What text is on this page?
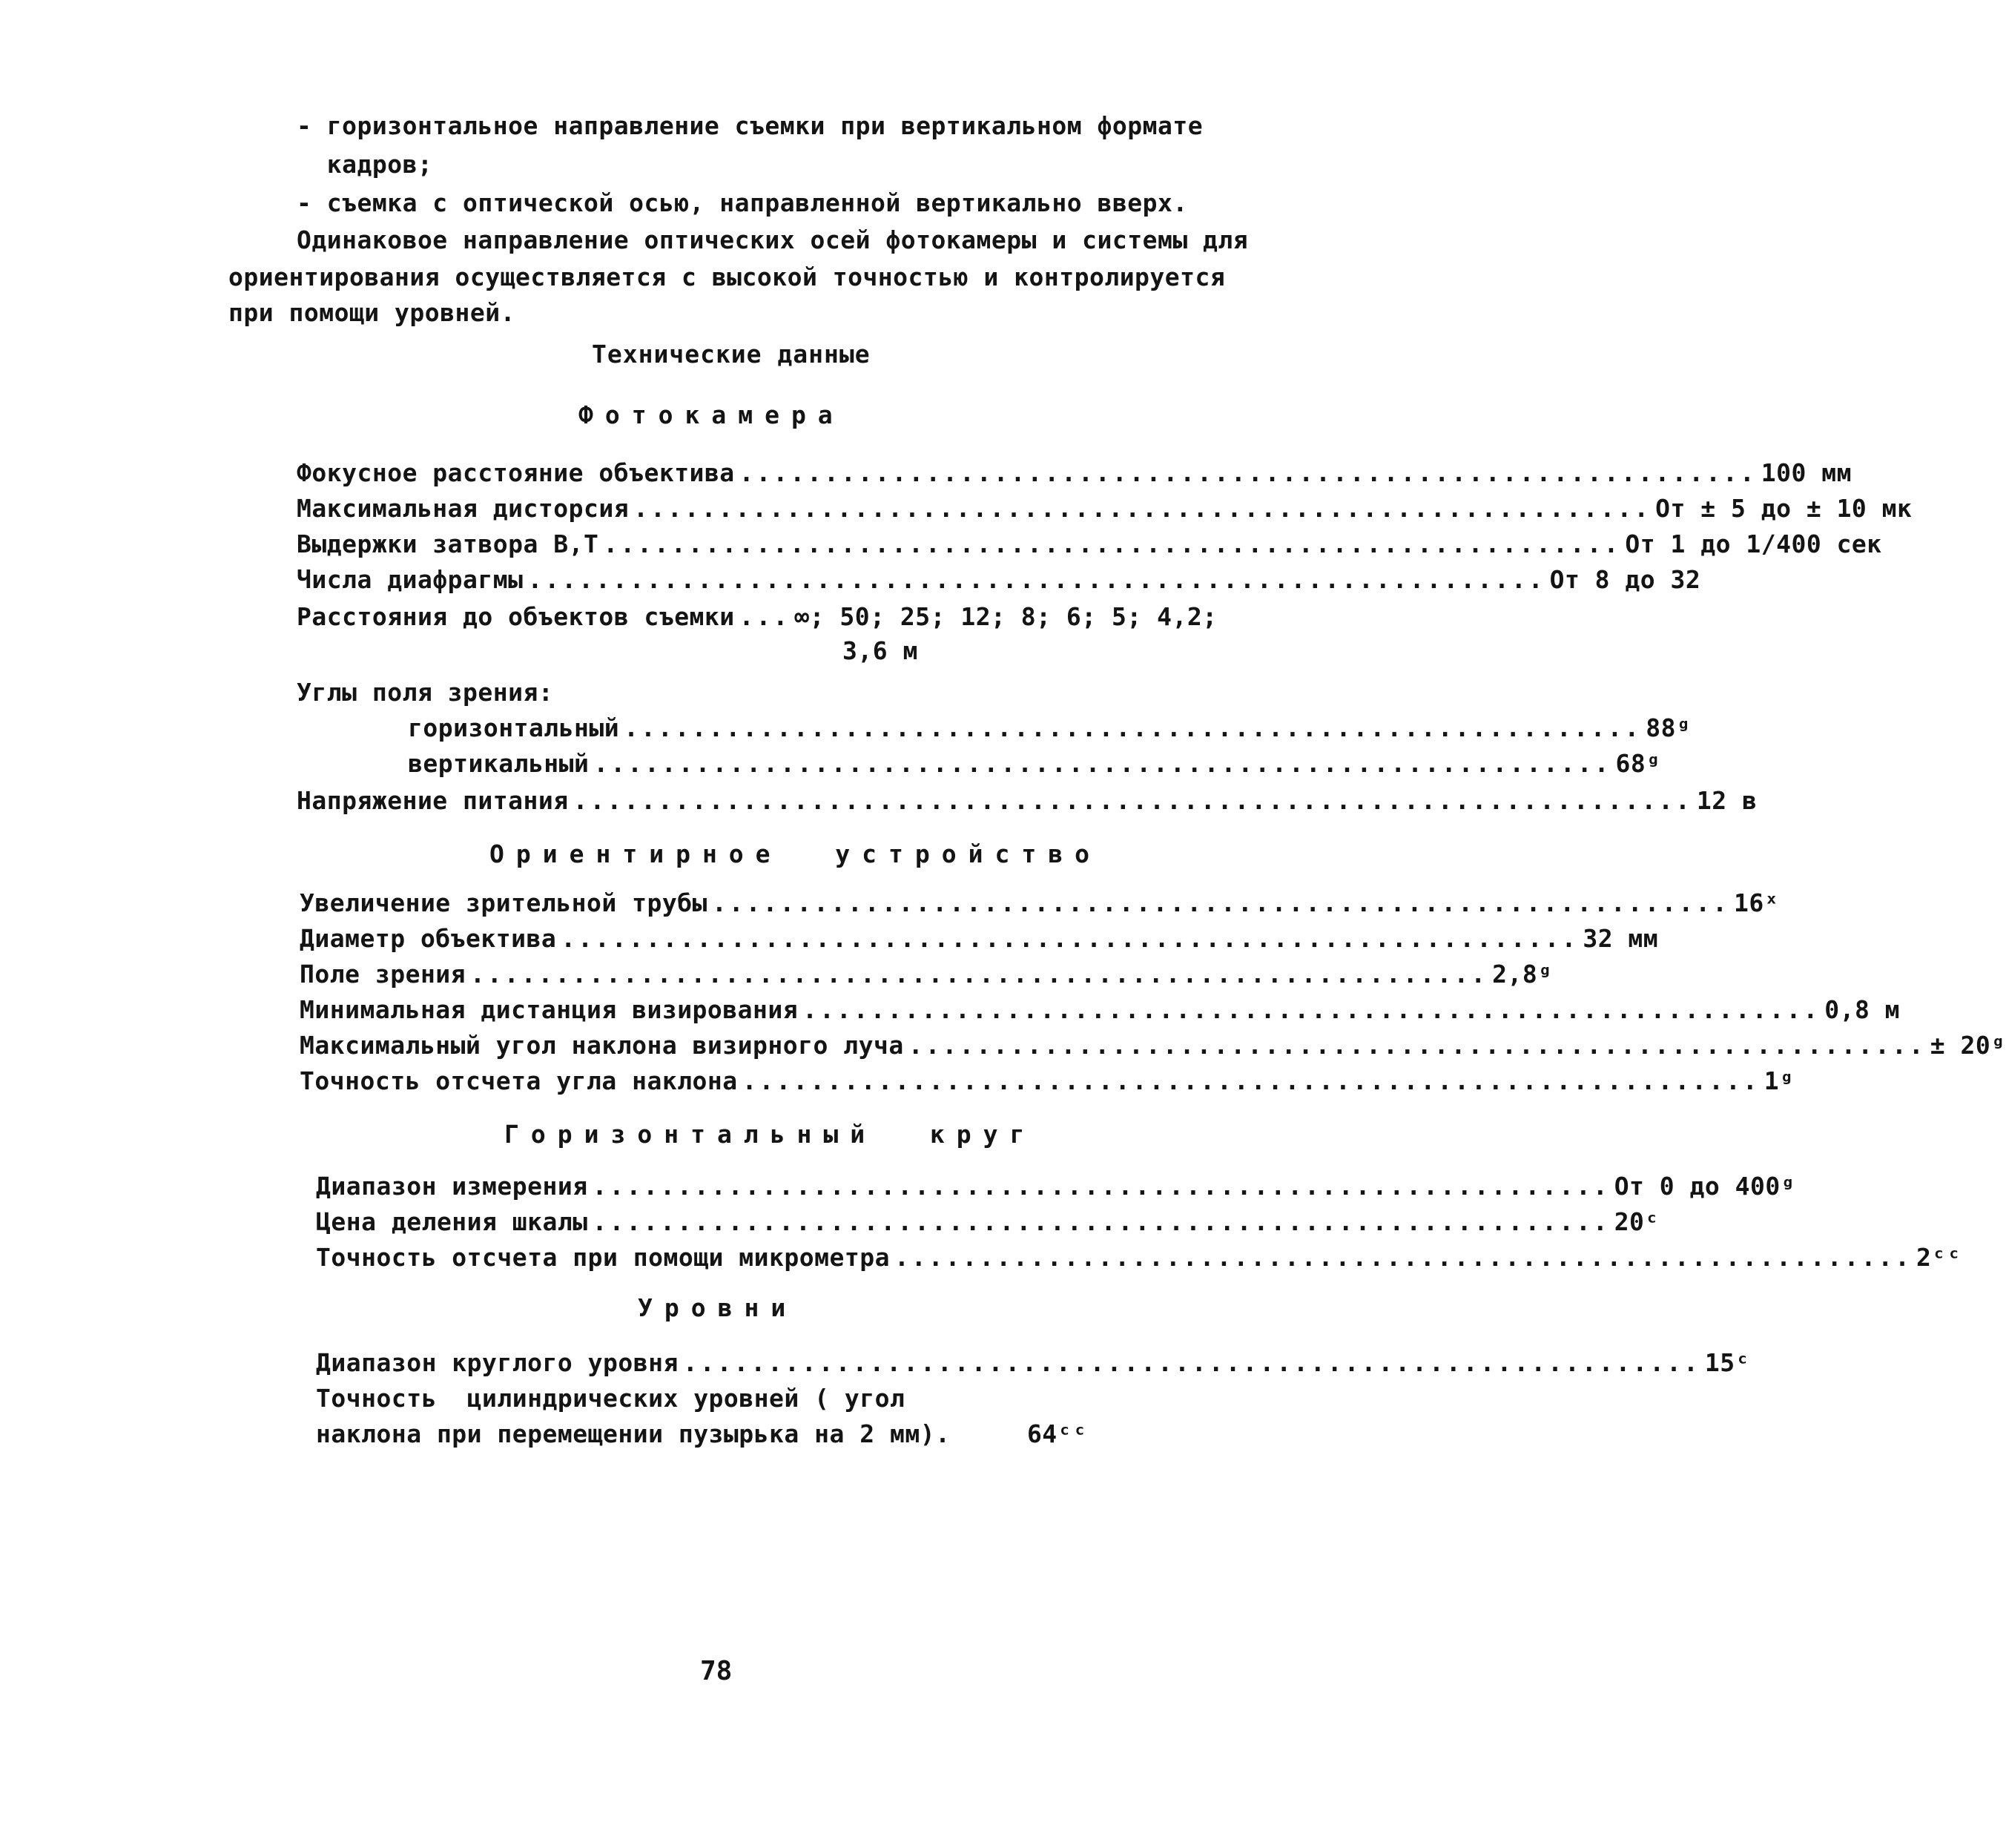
- горизонтальное направление съемки при вертикальном формате
кадров;
- съемка с оптической осью, направленной вертикально вверх.
Одинаковое направление оптических осей фотокамеры и системы для
ориентирования осуществляется с высокой точностью и контролируется
при помощи уровней.
Технические данные
Фотокамера
Фокусное расстояние объектива ............................................................ 100 мм
Максимальная дисторсия ............................................................ От ± 5 до ± 10 мк
Выдержки затвора В,Т ............................................................ От 1 до 1/400 сек
Числа диафрагмы ............................................................ От 8 до 32
Расстояния до объектов съемки ... ∞; 50; 25; 12; 8; 6; 5; 4,2;
3,6 м
Углы поля зрения:
горизонтальный ............................................................ 88ᵍ
вертикальный ............................................................ 68ᵍ
Напряжение питания .................................................................. 12 в
Ориентирное  устройство
Увеличение зрительной трубы ............................................................ 16ˣ
Диаметр объектива ............................................................ 32 мм
Поле зрения ............................................................ 2,8ᵍ
Минимальная дистанция визирования ............................................................ 0,8 м
Максимальный угол наклона визирного луча ............................................................ ± 20ᵍ
Точность отсчета угла наклона ............................................................ 1ᵍ
Горизонтальный  круг
Диапазон измерения ............................................................ От 0 до 400ᵍ
Цена деления шкалы ............................................................ 20ᶜ
Точность отсчета при помощи микрометра ............................................................ 2ᶜᶜ
Уровни
Диапазон круглого уровня ............................................................ 15ᶜ
Точность  цилиндрических уровней ( угол
наклона при перемещении пузырька на 2 мм).
	64ᶜᶜ
78
